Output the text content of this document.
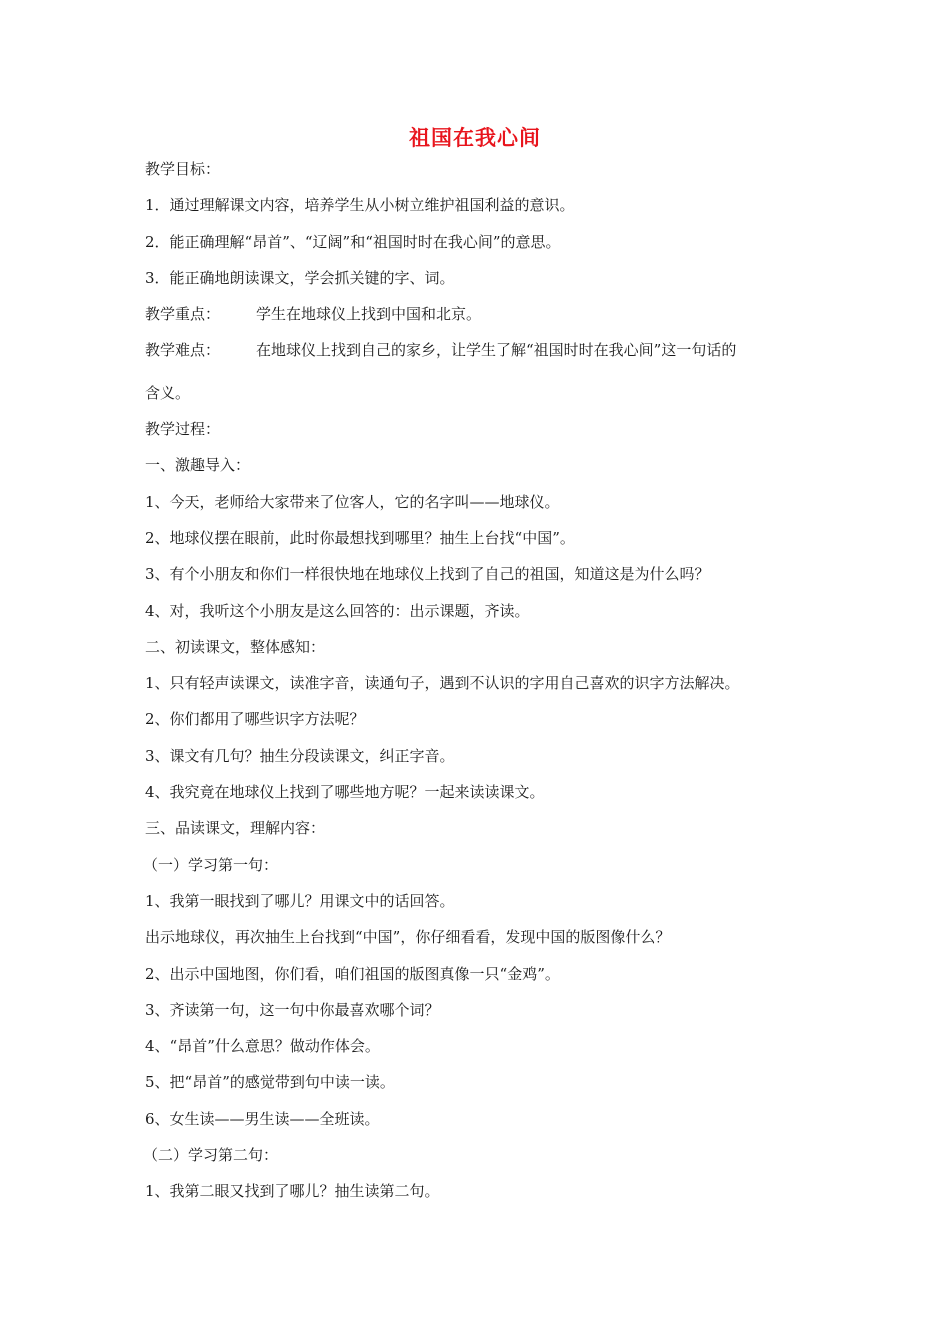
祖国在我心间
教学目标：
1．通过理解课文内容，培养学生从小树立维护祖国利益的意识。
2．能正确理解“昂首”、“辽阔”和“祖国时时在我心间”的意思。
3．能正确地朗读课文，学会抓关键的字、词。
教学重点： 学生在地球仪上找到中国和北京。
教学难点： 在地球仪上找到自己的家乡，让学生了解“祖国时时在我心间”这一句话的
含义。
教学过程：
一、激趣导入：
1、今天，老师给大家带来了位客人，它的名字叫——地球仪。
2、地球仪摆在眼前，此时你最想找到哪里？抽生上台找“中国”。
3、有个小朋友和你们一样很快地在地球仪上找到了自己的祖国，知道这是为什么吗？
4、对，我听这个小朋友是这么回答的：出示课题，齐读。
二、初读课文，整体感知：
1、只有轻声读课文，读准字音，读通句子，遇到不认识的字用自己喜欢的识字方法解决。
2、你们都用了哪些识字方法呢？
3、课文有几句？抽生分段读课文，纠正字音。
4、我究竟在地球仪上找到了哪些地方呢？一起来读读课文。
三、品读课文，理解内容：
（一）学习第一句：
1、我第一眼找到了哪儿？用课文中的话回答。
出示地球仪，再次抽生上台找到“中国”，你仔细看看，发现中国的版图像什么？
2、出示中国地图，你们看，咱们祖国的版图真像一只“金鸡”。
3、齐读第一句，这一句中你最喜欢哪个词？
4、“昂首”什么意思？做动作体会。
5、把“昂首”的感觉带到句中读一读。
6、女生读——男生读——全班读。
（二）学习第二句：
1、我第二眼又找到了哪儿？抽生读第二句。
